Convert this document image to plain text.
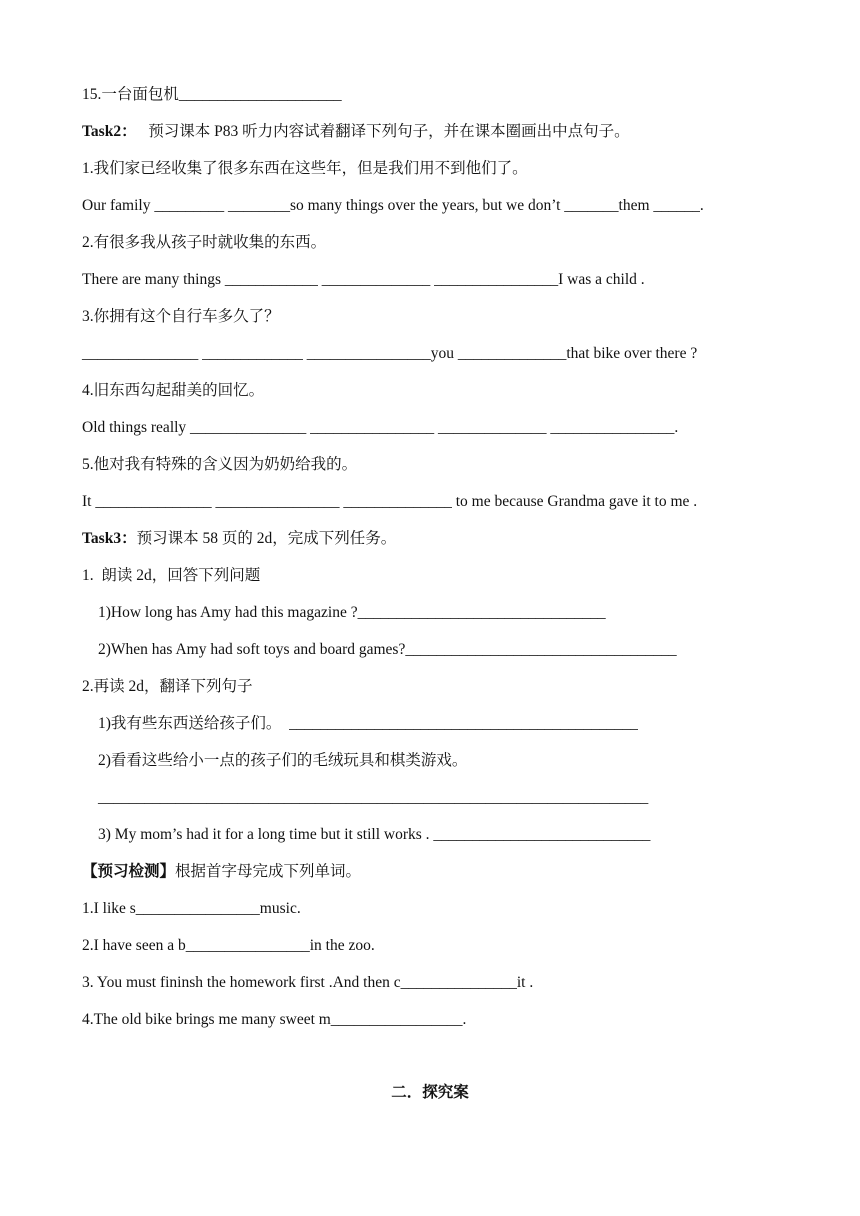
15.一台面包机_____________________
Task2：   预习课本 P83 听力内容试着翻译下列句子，并在课本圈画出中点句子。
1.我们家已经收集了很多东西在这些年，但是我们用不到他们了。
Our family _________ ________so many things over the years, but we don’t _______them ______.
2.有很多我从孩子时就收集的东西。
There are many things ____________ ______________ ________________I was a child .
3.你拥有这个自行车多久了？
_______________ _____________ ________________you ______________that bike over there ?
4.旧东西勾起甜美的回忆。
Old things really _______________ ________________ ______________ ________________.
5.他对我有特殊的含义因为奶奶给我的。
It _______________ ________________ ______________ to me because Grandma gave it to me .
Task3：预习课本 58 页的 2d，完成下列任务。
1.  朗读 2d，回答下列问题
1)How long has Amy had this magazine ?________________________________
2)When has Amy had soft toys and board games?___________________________________
2.再读 2d，翻译下列句子
1)我有些东西送给孩子们。  _____________________________________________
2)看看这些给小一点的孩子们的毛绒玩具和棋类游戏。
_______________________________________________________________________
3) My mom’s had it for a long time but it still works . ____________________________
【预习检测】根据首字母完成下列单词。
1.I like s________________music.
2.I have seen a b________________in the zoo.
3. You must fininsh the homework first .And then c_______________it .
4.The old bike brings me many sweet m_________________.
二．探究案
